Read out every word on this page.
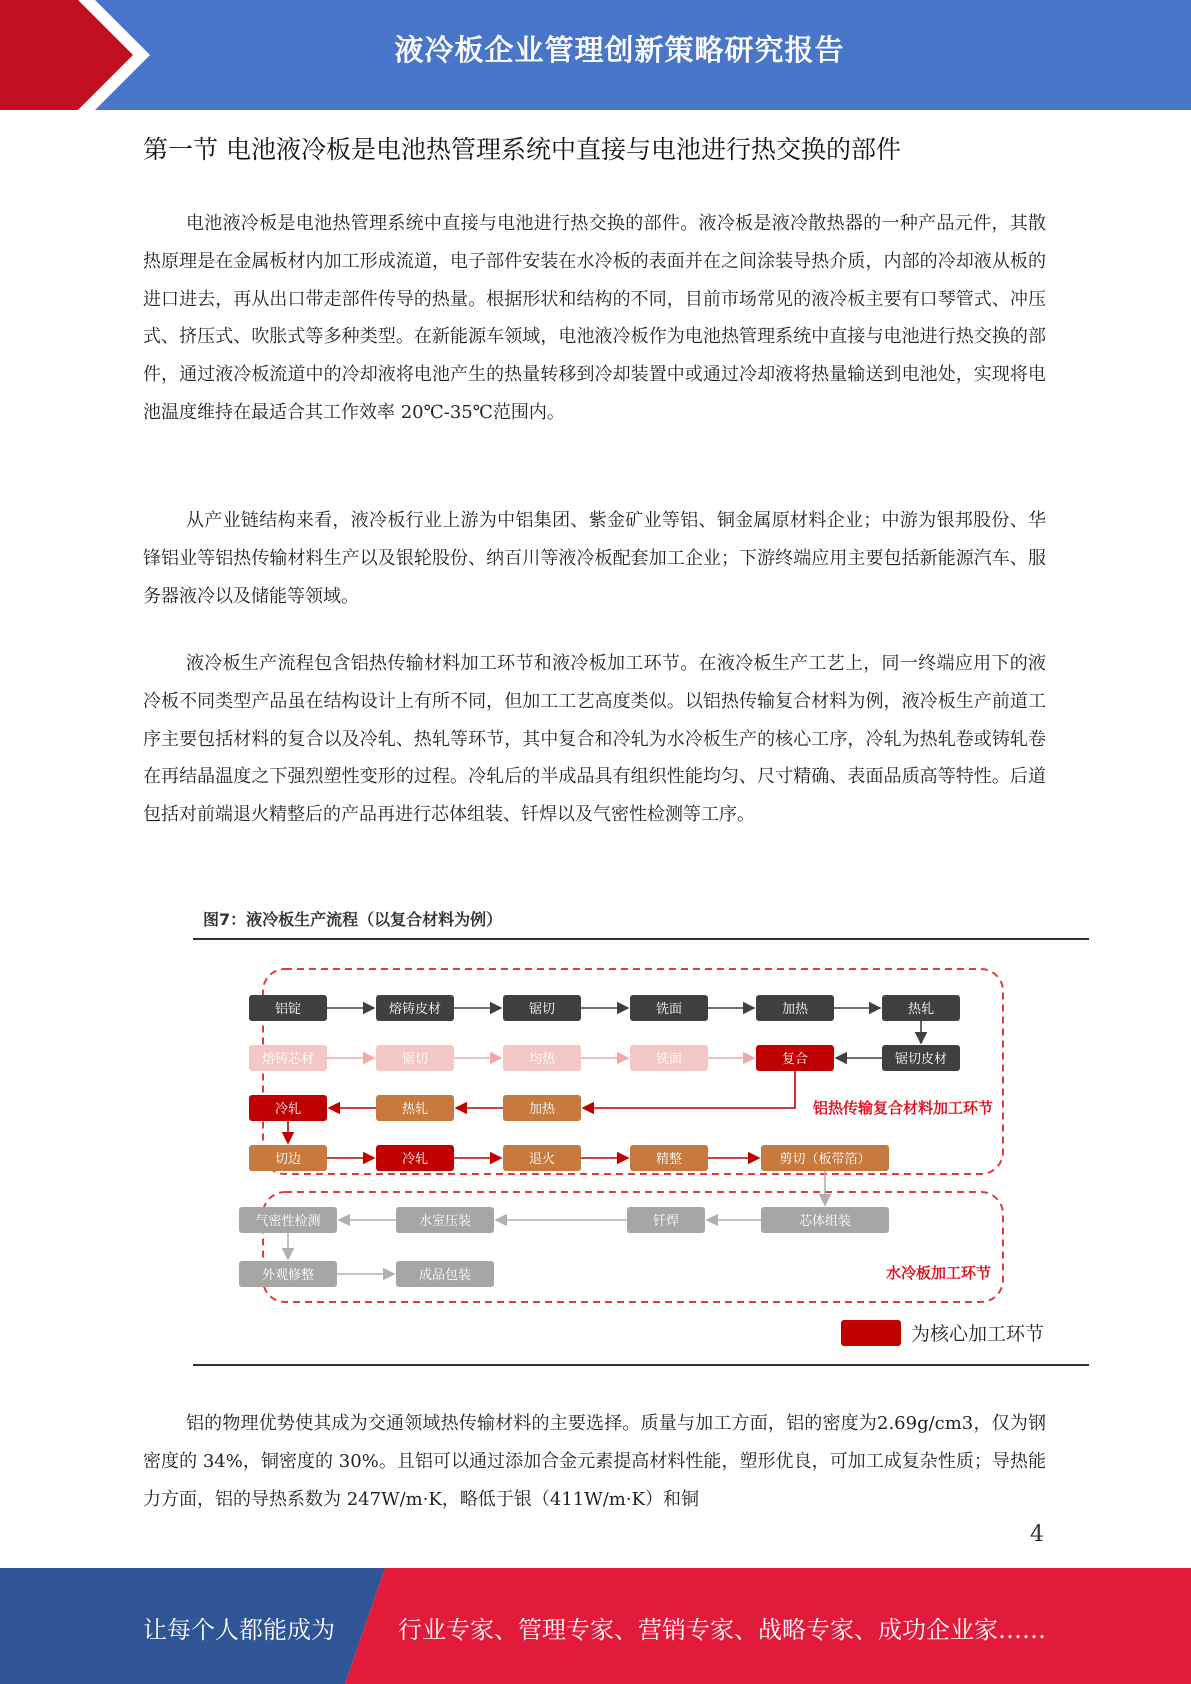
液冷板企业管理创新策略研究报告
第一节 电池液冷板是电池热管理系统中直接与电池进行热交换的部件

电池液冷板是电池热管理系统中直接与电池进行热交换的部件。液冷板是液冷散热器的一种产品元件，其散热原理是在金属板材内加工形成流道，电子部件安装在水冷板的表面并在之间涂装导热介质，内部的冷却液从板的进口进去，再从出口带走部件传导的热量。根据形状和结构的不同，目前市场常见的液冷板主要有口琴管式、冲压式、挤压式、吹胀式等多种类型。在新能源车领域，电池液冷板作为电池热管理系统中直接与电池进行热交换的部件，通过液冷板流道中的冷却液将电池产生的热量转移到冷却装置中或通过冷却液将热量输送到电池处，实现将电池温度维持在最适合其工作效率 20℃-35℃范围内。

从产业链结构来看，液冷板行业上游为中铝集团、紫金矿业等铝、铜金属原材料企业；中游为银邦股份、华锋铝业等铝热传输材料生产以及银轮股份、纳百川等液冷板配套加工企业；下游终端应用主要包括新能源汽车、服务器液冷以及储能等领域。

液冷板生产流程包含铝热传输材料加工环节和液冷板加工环节。在液冷板生产工艺上，同一终端应用下的液冷板不同类型产品虽在结构设计上有所不同，但加工工艺高度类似。以铝热传输复合材料为例，液冷板生产前道工序主要包括材料的复合以及冷轧、热轧等环节，其中复合和冷轧为水冷板生产的核心工序，冷轧为热轧卷或铸轧卷在再结晶温度之下强烈塑性变形的过程。冷轧后的半成品具有组织性能均匀、尺寸精确、表面品质高等特性。后道包括对前端退火精整后的产品再进行芯体组装、钎焊以及气密性检测等工序。

图7：液冷板生产流程（以复合材料为例）
铝锭	熔铸皮材	锯切	铣面	加热	热轧
熔铸芯材	锯切	均热	铣面	复合	锯切皮材
冷轧	热轧	加热
切边	冷轧	退火	精整	剪切（板带箔）
气密性检测	水室压装	钎焊	芯体组装
外观修整	成品包装
铝热传输复合材料加工环节
水冷板加工环节
为核心加工环节

铝的物理优势使其成为交通领域热传输材料的主要选择。质量与加工方面，铝的密度为2.69g/cm3，仅为钢密度的 34%，铜密度的 30%。且铝可以通过添加合金元素提高材料性能，塑形优良，可加工成复杂性质；导热能力方面，铝的导热系数为 247W/m·K，略低于银（411W/m·K）和铜

4
让每个人都能成为	行业专家、管理专家、营销专家、战略专家、成功企业家……
